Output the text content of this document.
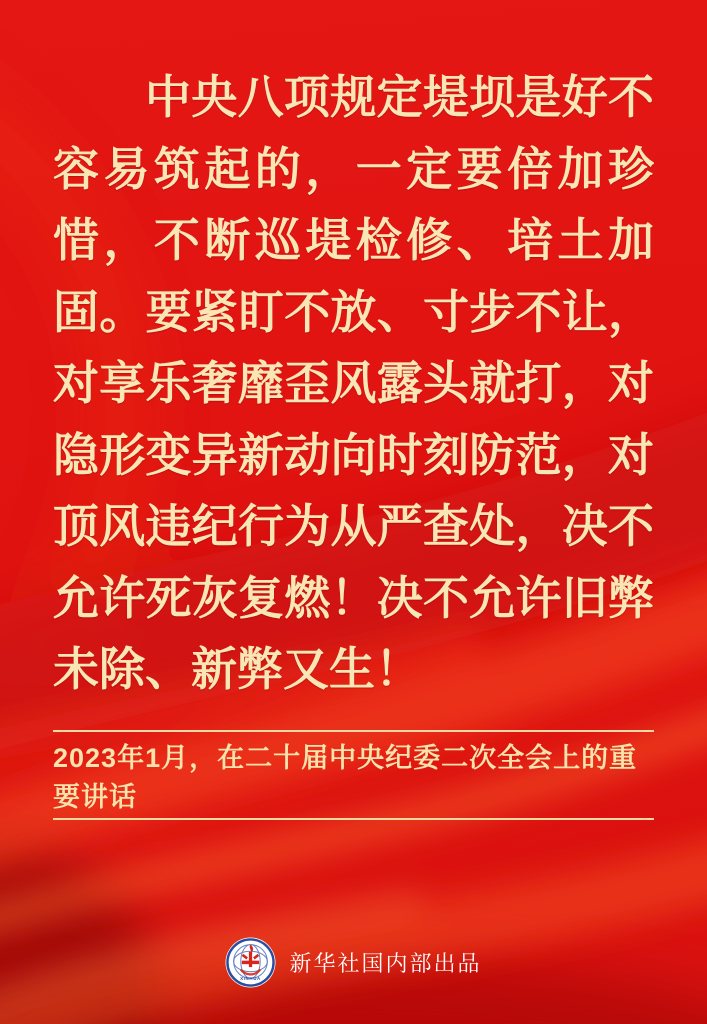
中央八项规定堤坝是好不
容易筑起的，一定要倍加珍
惜，不断巡堤检修、培土加
固。要紧盯不放、寸步不让，
对享乐奢靡歪风露头就打，对
隐形变异新动向时刻防范，对
顶风违纪行为从严查处，决不
允许死灰复燃！决不允许旧弊
未除、新弊又生！
2023年1月，在二十届中央纪委二次全会上的重要讲话
XINHUA
新华社国内部出品
